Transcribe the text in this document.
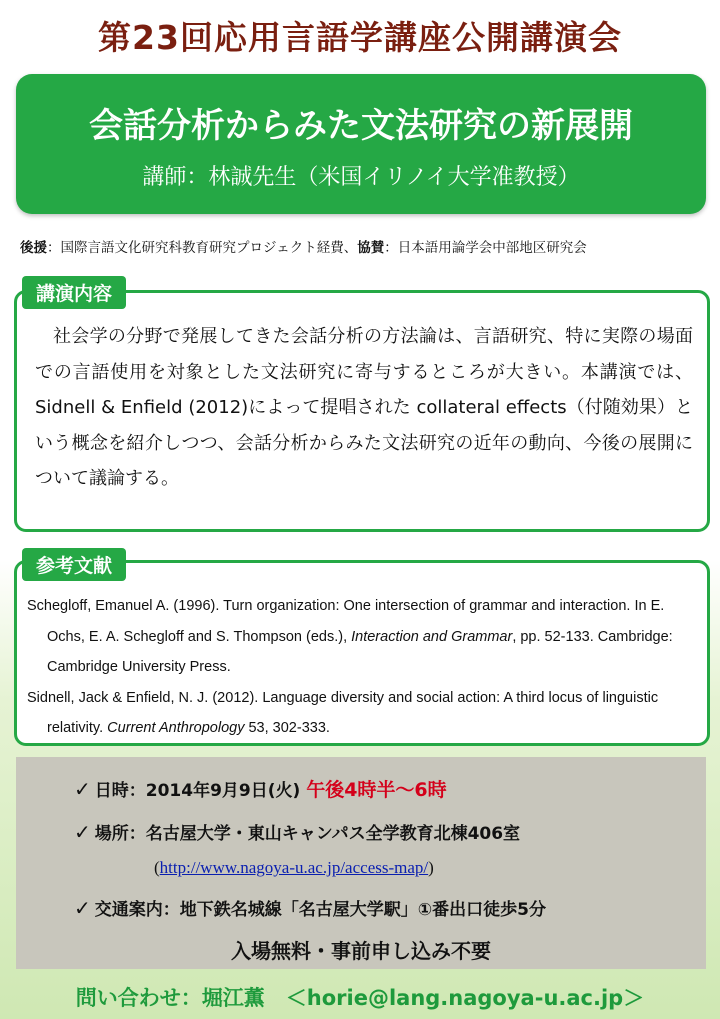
第23回応用言語学講座公開講演会
会話分析からみた文法研究の新展開
講師：林誠先生（米国イリノイ大学准教授）
後援：国際言語文化研究科教育研究プロジェクト経費、協賛：日本語用論学会中部地区研究会
社会学の分野で発展してきた会話分析の方法論は、言語研究、特に実際の場面での言語使用を対象とした文法研究に寄与するところが大きい。本講演では、Sidnell & Enfield (2012)によって提唱された collateral effects（付随効果）という概念を紹介しつつ、会話分析からみた文法研究の近年の動向、今後の展開について議論する。
講演内容
Schegloff, Emanuel A. (1996). Turn organization: One intersection of grammar and interaction. In E. Ochs, E. A. Schegloff and S. Thompson (eds.), Interaction and Grammar, pp. 52-133. Cambridge: Cambridge University Press.
Sidnell, Jack & Enfield, N. J. (2012). Language diversity and social action: A third locus of linguistic relativity. Current Anthropology 53, 302-333.
参考文献
✓ 日時：2014年9月9日(火) 午後4時半～6時
✓ 場所：名古屋大学・東山キャンパス全学教育北棟406室
(http://www.nagoya-u.ac.jp/access-map/)
✓ 交通案内：地下鉄名城線「名古屋大学駅」①番出口徒歩5分
入場無料・事前申し込み不要
問い合わせ：堀江薫　＜horie@lang.nagoya-u.ac.jp＞
